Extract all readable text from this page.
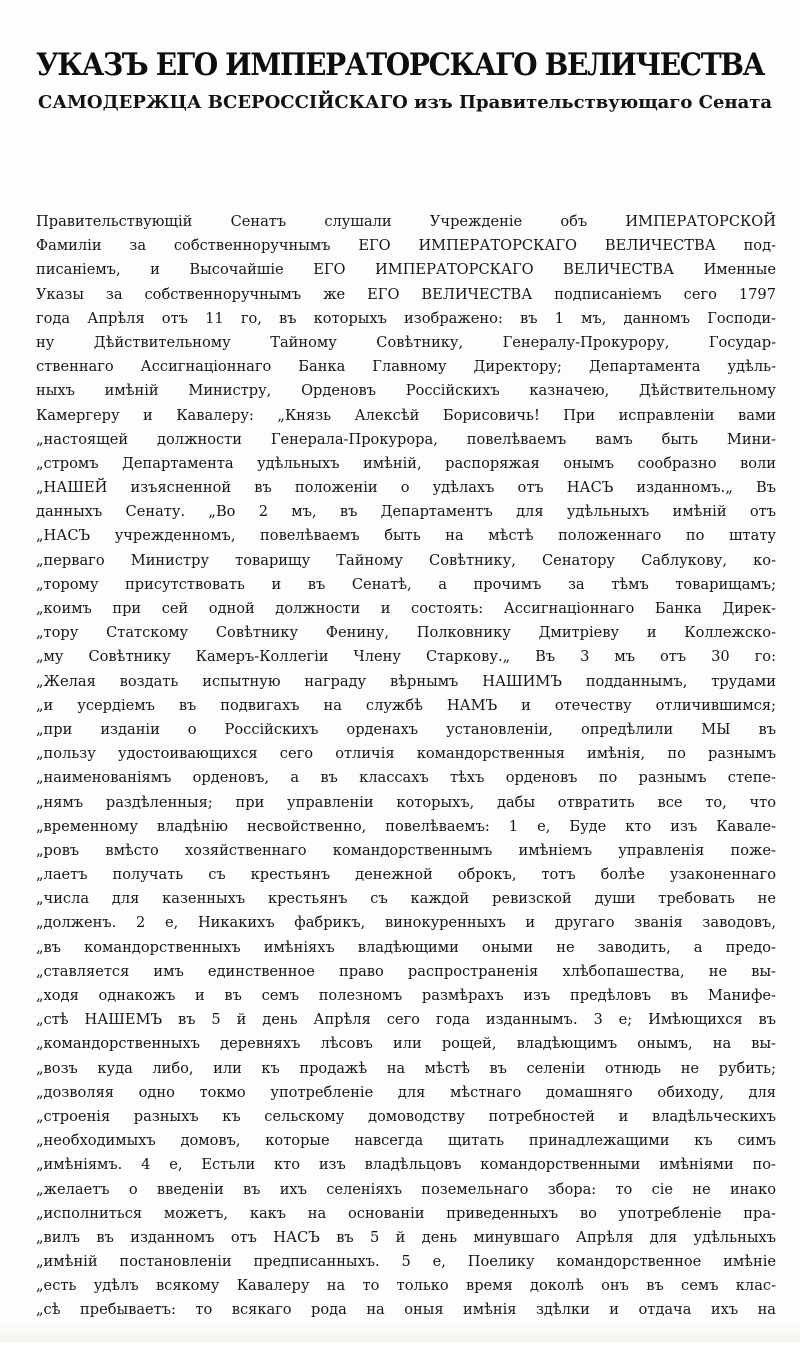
УКАЗЪ ЕГО ИМПЕРАТОРСКАГО ВЕЛИЧЕСТВА
САМОДЕРЖЦА ВСЕРОССІЙСКАГО изъ Правительствующаго Сената
Правительствующій Сенатъ слушали Учрежденіе объ ИМПЕРАТОРСКОЙ
Фамиліи за собственноручнымъ ЕГО ИМПЕРАТОРСКАГО ВЕЛИЧЕСТВА под-
писаніемъ, и Высочайшіе ЕГО ИМПЕРАТОРСКАГО ВЕЛИЧЕСТВА Именные
Указы за собственноручнымъ же ЕГО ВЕЛИЧЕСТВА подписаніемъ сего 1797
года Апрѣля отъ 11 го, въ которыхъ изображено: въ 1 мъ, данномъ Господи-
ну Дѣйствительному Тайному Совѣтнику, Генералу-Прокурору, Государ-
ственнаго Ассигнаціоннаго Банка Главному Директору; Департамента удѣль-
ныхъ имѣній Министру, Орденовъ Россійскихъ казначею, Дѣйствительному
Камергеру и Кавалеру: „Князь Алексѣй Борисовичь! При исправленіи вами
„настоящей должности Генерала-Прокурора, повелѣваемъ вамъ быть Мини-
„стромъ Департамента удѣльныхъ имѣній, распоряжая онымъ сообразно воли
„НАШЕЙ изъясненной въ положеніи о удѣлахъ отъ НАСЪ изданномъ.„ Въ
данныхъ Сенату. „Во 2 мъ, въ Департаментъ для удѣльныхъ имѣній отъ
„НАСЪ учрежденномъ, повелѣваемъ быть на мѣстѣ положеннаго по штату
„перваго Министру товарищу Тайному Совѣтнику, Сенатору Саблукову, ко-
„торому присутствовать и въ Сенатѣ, а прочимъ за тѣмъ товарищамъ;
„коимъ при сей одной должности и состоять: Ассигнаціоннаго Банка Дирек-
„тору Статскому Совѣтнику Фенину, Полковнику Дмитріеву и Коллежско-
„му Совѣтнику Камеръ-Коллегіи Члену Старкову.„ Въ 3 мъ отъ 30 го:
„Желая воздать испытную награду вѣрнымъ НАШИМЪ подданнымъ, трудами
„и усердіемъ въ подвигахъ на службѣ НАМЪ и отечеству отличившимся;
„при изданіи о Россійскихъ орденахъ установленіи, опредѣлили МЫ въ
„пользу удостоивающихся сего отличія командорственныя имѣнія, по разнымъ
„наименованіямъ орденовъ, а въ классахъ тѣхъ орденовъ по разнымъ степе-
„нямъ раздѣленныя; при управленіи которыхъ, дабы отвратить все то, что
„временному владѣнію несвойственно, повелѣваемъ: 1 е, Буде кто изъ Кавале-
„ровъ вмѣсто хозяйственнаго командорственнымъ имѣніемъ управленія поже-
„лаетъ получать съ крестьянъ денежной оброкъ, тотъ болѣе узаконеннаго
„числа для казенныхъ крестьянъ съ каждой ревизской души требовать не
„долженъ. 2 е, Никакихъ фабрикъ, винокуренныхъ и другаго званія заводовъ,
„въ командорственныхъ имѣніяхъ владѣющими оными не заводить, а предо-
„ставляется имъ единственное право распространенія хлѣбопашества, не вы-
„ходя однакожъ и въ семъ полезномъ размѣрахъ изъ предѣловъ въ Манифе-
„стѣ НАШЕМЪ въ 5 й день Апрѣля сего года изданнымъ. 3 е; Имѣющихся въ
„командорственныхъ деревняхъ лѣсовъ или рощей, владѣющимъ онымъ, на вы-
„возъ куда либо, или къ продажѣ на мѣстѣ въ селеніи отнюдь не рубить;
„дозволяя одно токмо употребленіе для мѣстнаго домашняго обиходу, для
„строенія разныхъ къ сельскому домоводству потребностей и владѣльческихъ
„необходимыхъ домовъ, которые навсегда щитать принадлежащими къ симъ
„имѣніямъ. 4 е, Естьли кто изъ владѣльцовъ командорственными имѣніями по-
„желаетъ о введеніи въ ихъ селеніяхъ поземельнаго збора: то сіе не инако
„исполниться можетъ, какъ на основаніи приведенныхъ во употребленіе пра-
„вилъ въ изданномъ отъ НАСЪ въ 5 й день минувшаго Апрѣля для удѣльныхъ
„имѣній постановленіи предписанныхъ. 5 е, Поелику командорственное имѣніе
„есть удѣлъ всякому Кавалеру на то только время доколѣ онъ въ семъ клас-
„сѣ пребываетъ: то всякаго рода на оныя имѣнія здѣлки и отдача ихъ на
